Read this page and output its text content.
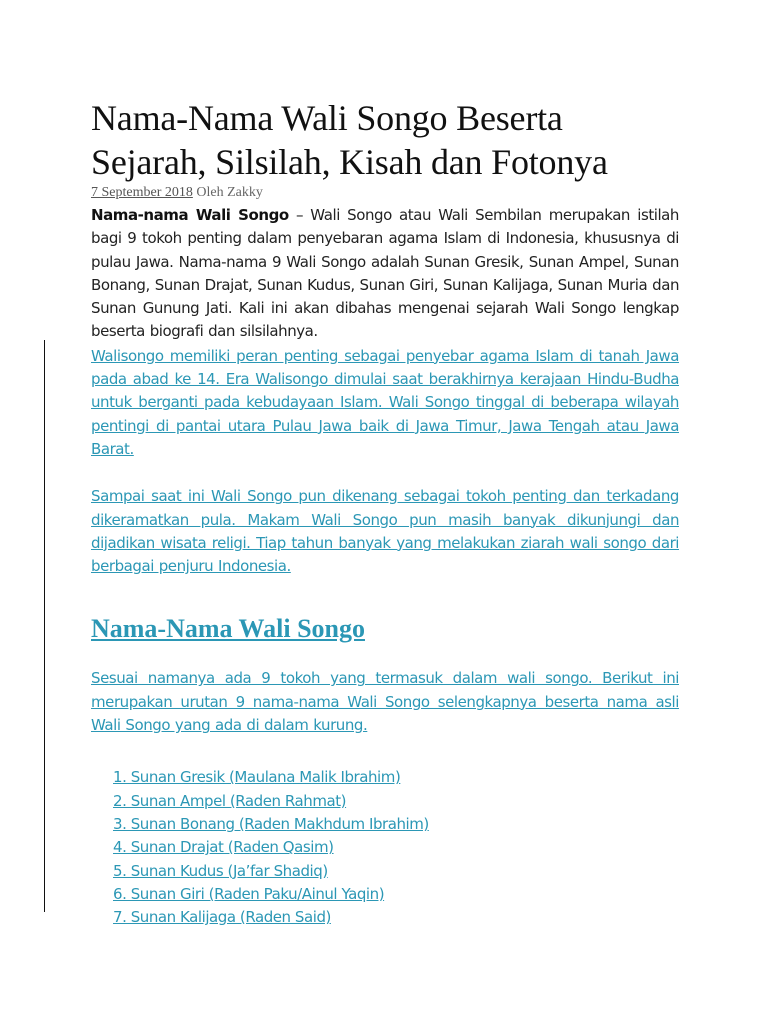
Nama-Nama Wali Songo Beserta
Sejarah, Silsilah, Kisah dan Fotonya
7 September 2018 Oleh Zakky

Nama-nama Wali Songo – Wali Songo atau Wali Sembilan merupakan istilah bagi 9 tokoh penting dalam penyebaran agama Islam di Indonesia, khususnya di pulau Jawa. Nama-nama 9 Wali Songo adalah Sunan Gresik, Sunan Ampel, Sunan Bonang, Sunan Drajat, Sunan Kudus, Sunan Giri, Sunan Kalijaga, Sunan Muria dan Sunan Gunung Jati. Kali ini akan dibahas mengenai sejarah Wali Songo lengkap beserta biografi dan silsilahnya.

Walisongo memiliki peran penting sebagai penyebar agama Islam di tanah Jawa pada abad ke 14. Era Walisongo dimulai saat berakhirnya kerajaan Hindu-Budha untuk berganti pada kebudayaan Islam. Wali Songo tinggal di beberapa wilayah pentingi di pantai utara Pulau Jawa baik di Jawa Timur, Jawa Tengah atau Jawa Barat.

Sampai saat ini Wali Songo pun dikenang sebagai tokoh penting dan terkadang dikeramatkan pula. Makam Wali Songo pun masih banyak dikunjungi dan dijadikan wisata religi. Tiap tahun banyak yang melakukan ziarah wali songo dari berbagai penjuru Indonesia.

Nama-Nama Wali Songo

Sesuai namanya ada 9 tokoh yang termasuk dalam wali songo. Berikut ini merupakan urutan 9 nama-nama Wali Songo selengkapnya beserta nama asli Wali Songo yang ada di dalam kurung.

1. Sunan Gresik (Maulana Malik Ibrahim)
2. Sunan Ampel (Raden Rahmat)
3. Sunan Bonang (Raden Makhdum Ibrahim)
4. Sunan Drajat (Raden Qasim)
5. Sunan Kudus (Ja’far Shadiq)
6. Sunan Giri (Raden Paku/Ainul Yaqin)
7. Sunan Kalijaga (Raden Said)
